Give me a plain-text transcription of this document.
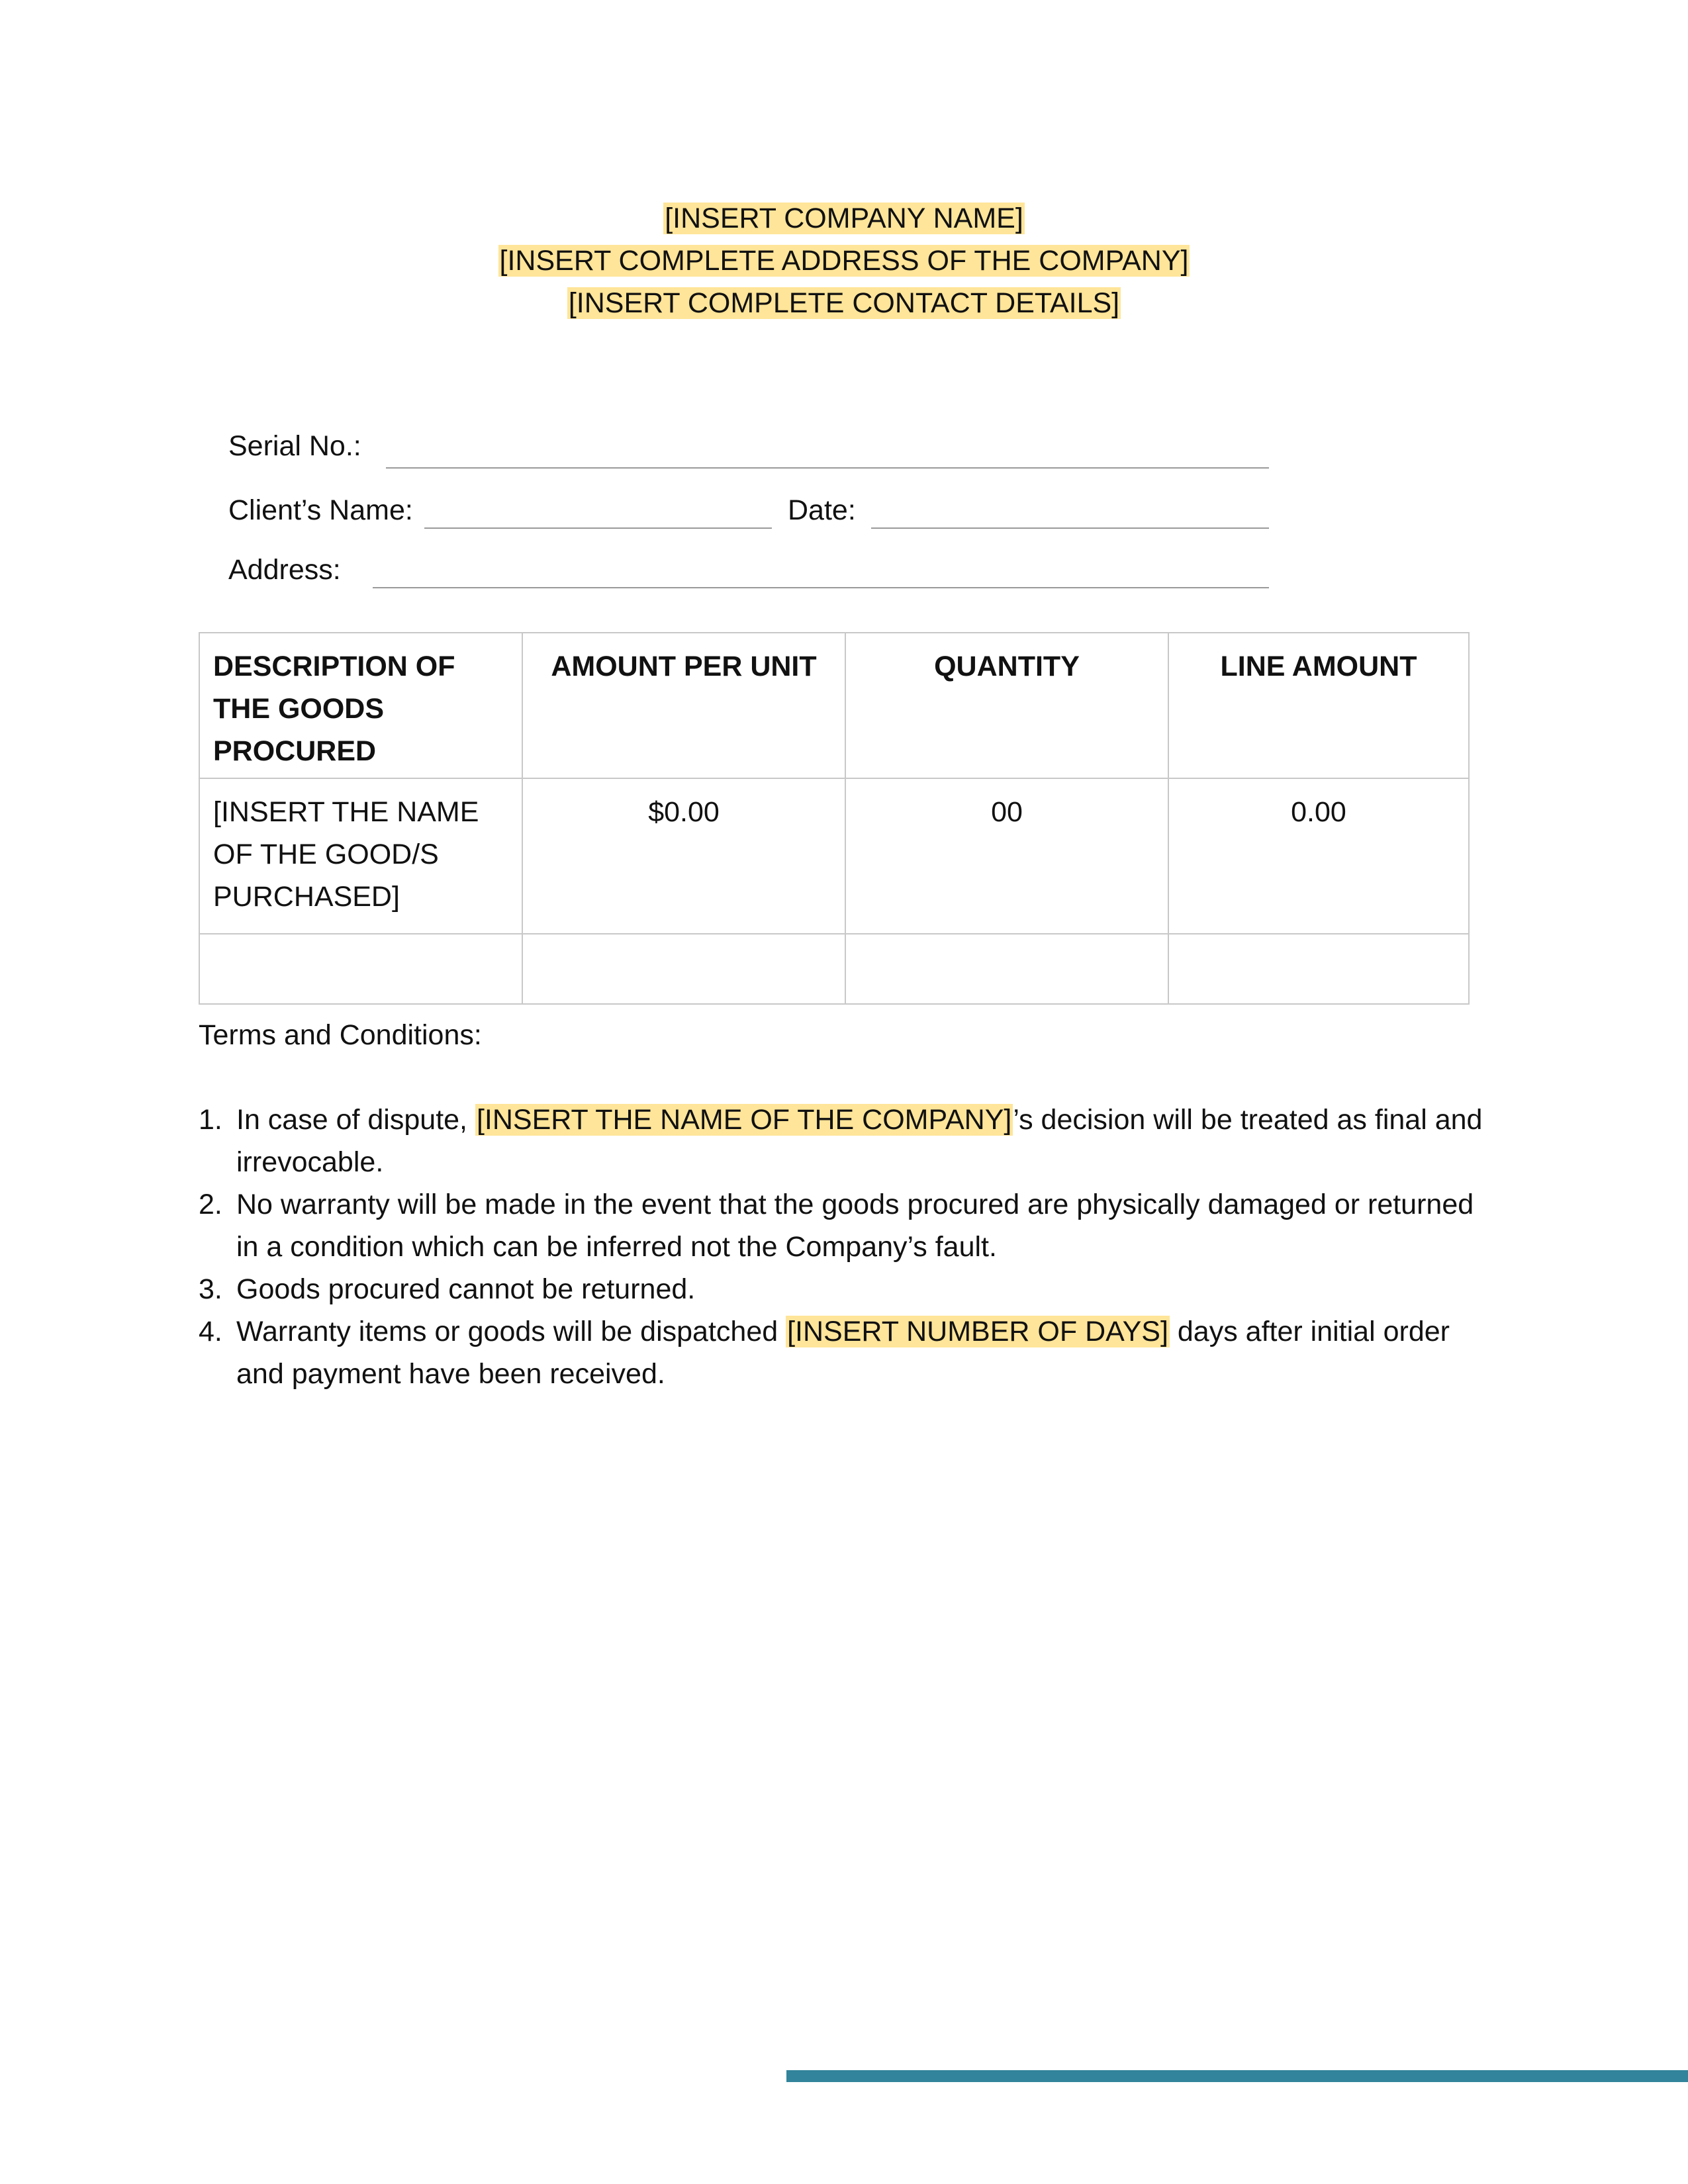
[INSERT COMPANY NAME]
[INSERT COMPLETE ADDRESS OF THE COMPANY]
[INSERT COMPLETE CONTACT DETAILS]
Serial No.:
Client’s Name:	Date:
Address:
DESCRIPTION OF THE GOODS PROCURED	AMOUNT PER UNIT	QUANTITY	LINE AMOUNT
[INSERT THE NAME OF THE GOOD/S PURCHASED]	$0.00	00	0.00

Terms and Conditions:
1. In case of dispute, [INSERT THE NAME OF THE COMPANY]’s decision will be treated as final and irrevocable.
2. No warranty will be made in the event that the goods procured are physically damaged or returned in a condition which can be inferred not the Company’s fault.
3. Goods procured cannot be returned.
4. Warranty items or goods will be dispatched [INSERT NUMBER OF DAYS] days after initial order and payment have been received.
